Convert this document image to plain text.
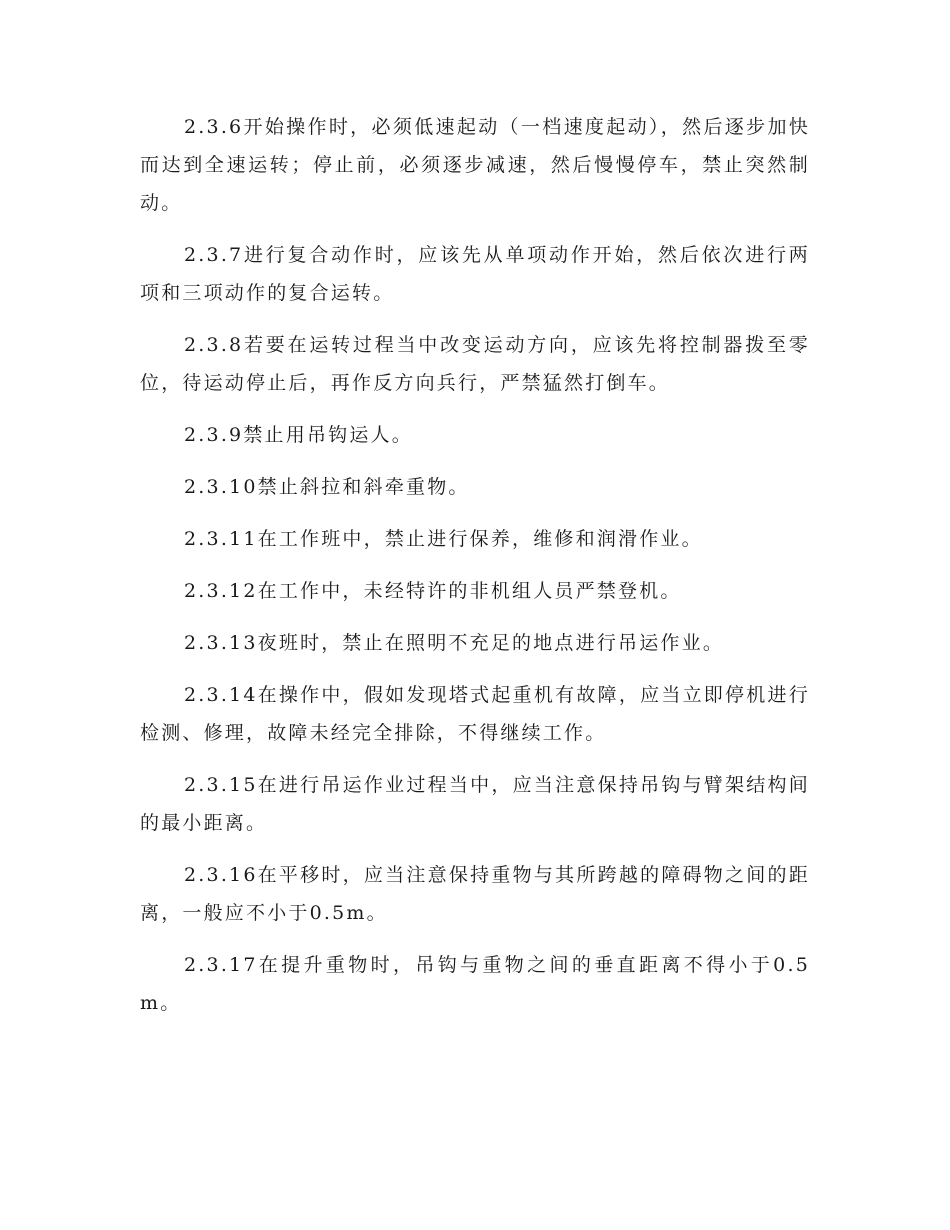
2.3.6开始操作时，必须低速起动（一档速度起动），然后逐步加快而达到全速运转；停止前，必须逐步减速，然后慢慢停车，禁止突然制动。

2.3.7进行复合动作时，应该先从单项动作开始，然后依次进行两项和三项动作的复合运转。

2.3.8若要在运转过程当中改变运动方向，应该先将控制器拨至零位，待运动停止后，再作反方向兵行，严禁猛然打倒车。

2.3.9禁止用吊钩运人。

2.3.10禁止斜拉和斜牵重物。

2.3.11在工作班中，禁止进行保养，维修和润滑作业。

2.3.12在工作中，未经特许的非机组人员严禁登机。

2.3.13夜班时，禁止在照明不充足的地点进行吊运作业。

2.3.14在操作中，假如发现塔式起重机有故障，应当立即停机进行检测、修理，故障未经完全排除，不得继续工作。

2.3.15在进行吊运作业过程当中，应当注意保持吊钩与臂架结构间的最小距离。

2.3.16在平移时，应当注意保持重物与其所跨越的障碍物之间的距离，一般应不小于0.5m。

2.3.17在提升重物时，吊钩与重物之间的垂直距离不得小于0.5m。
